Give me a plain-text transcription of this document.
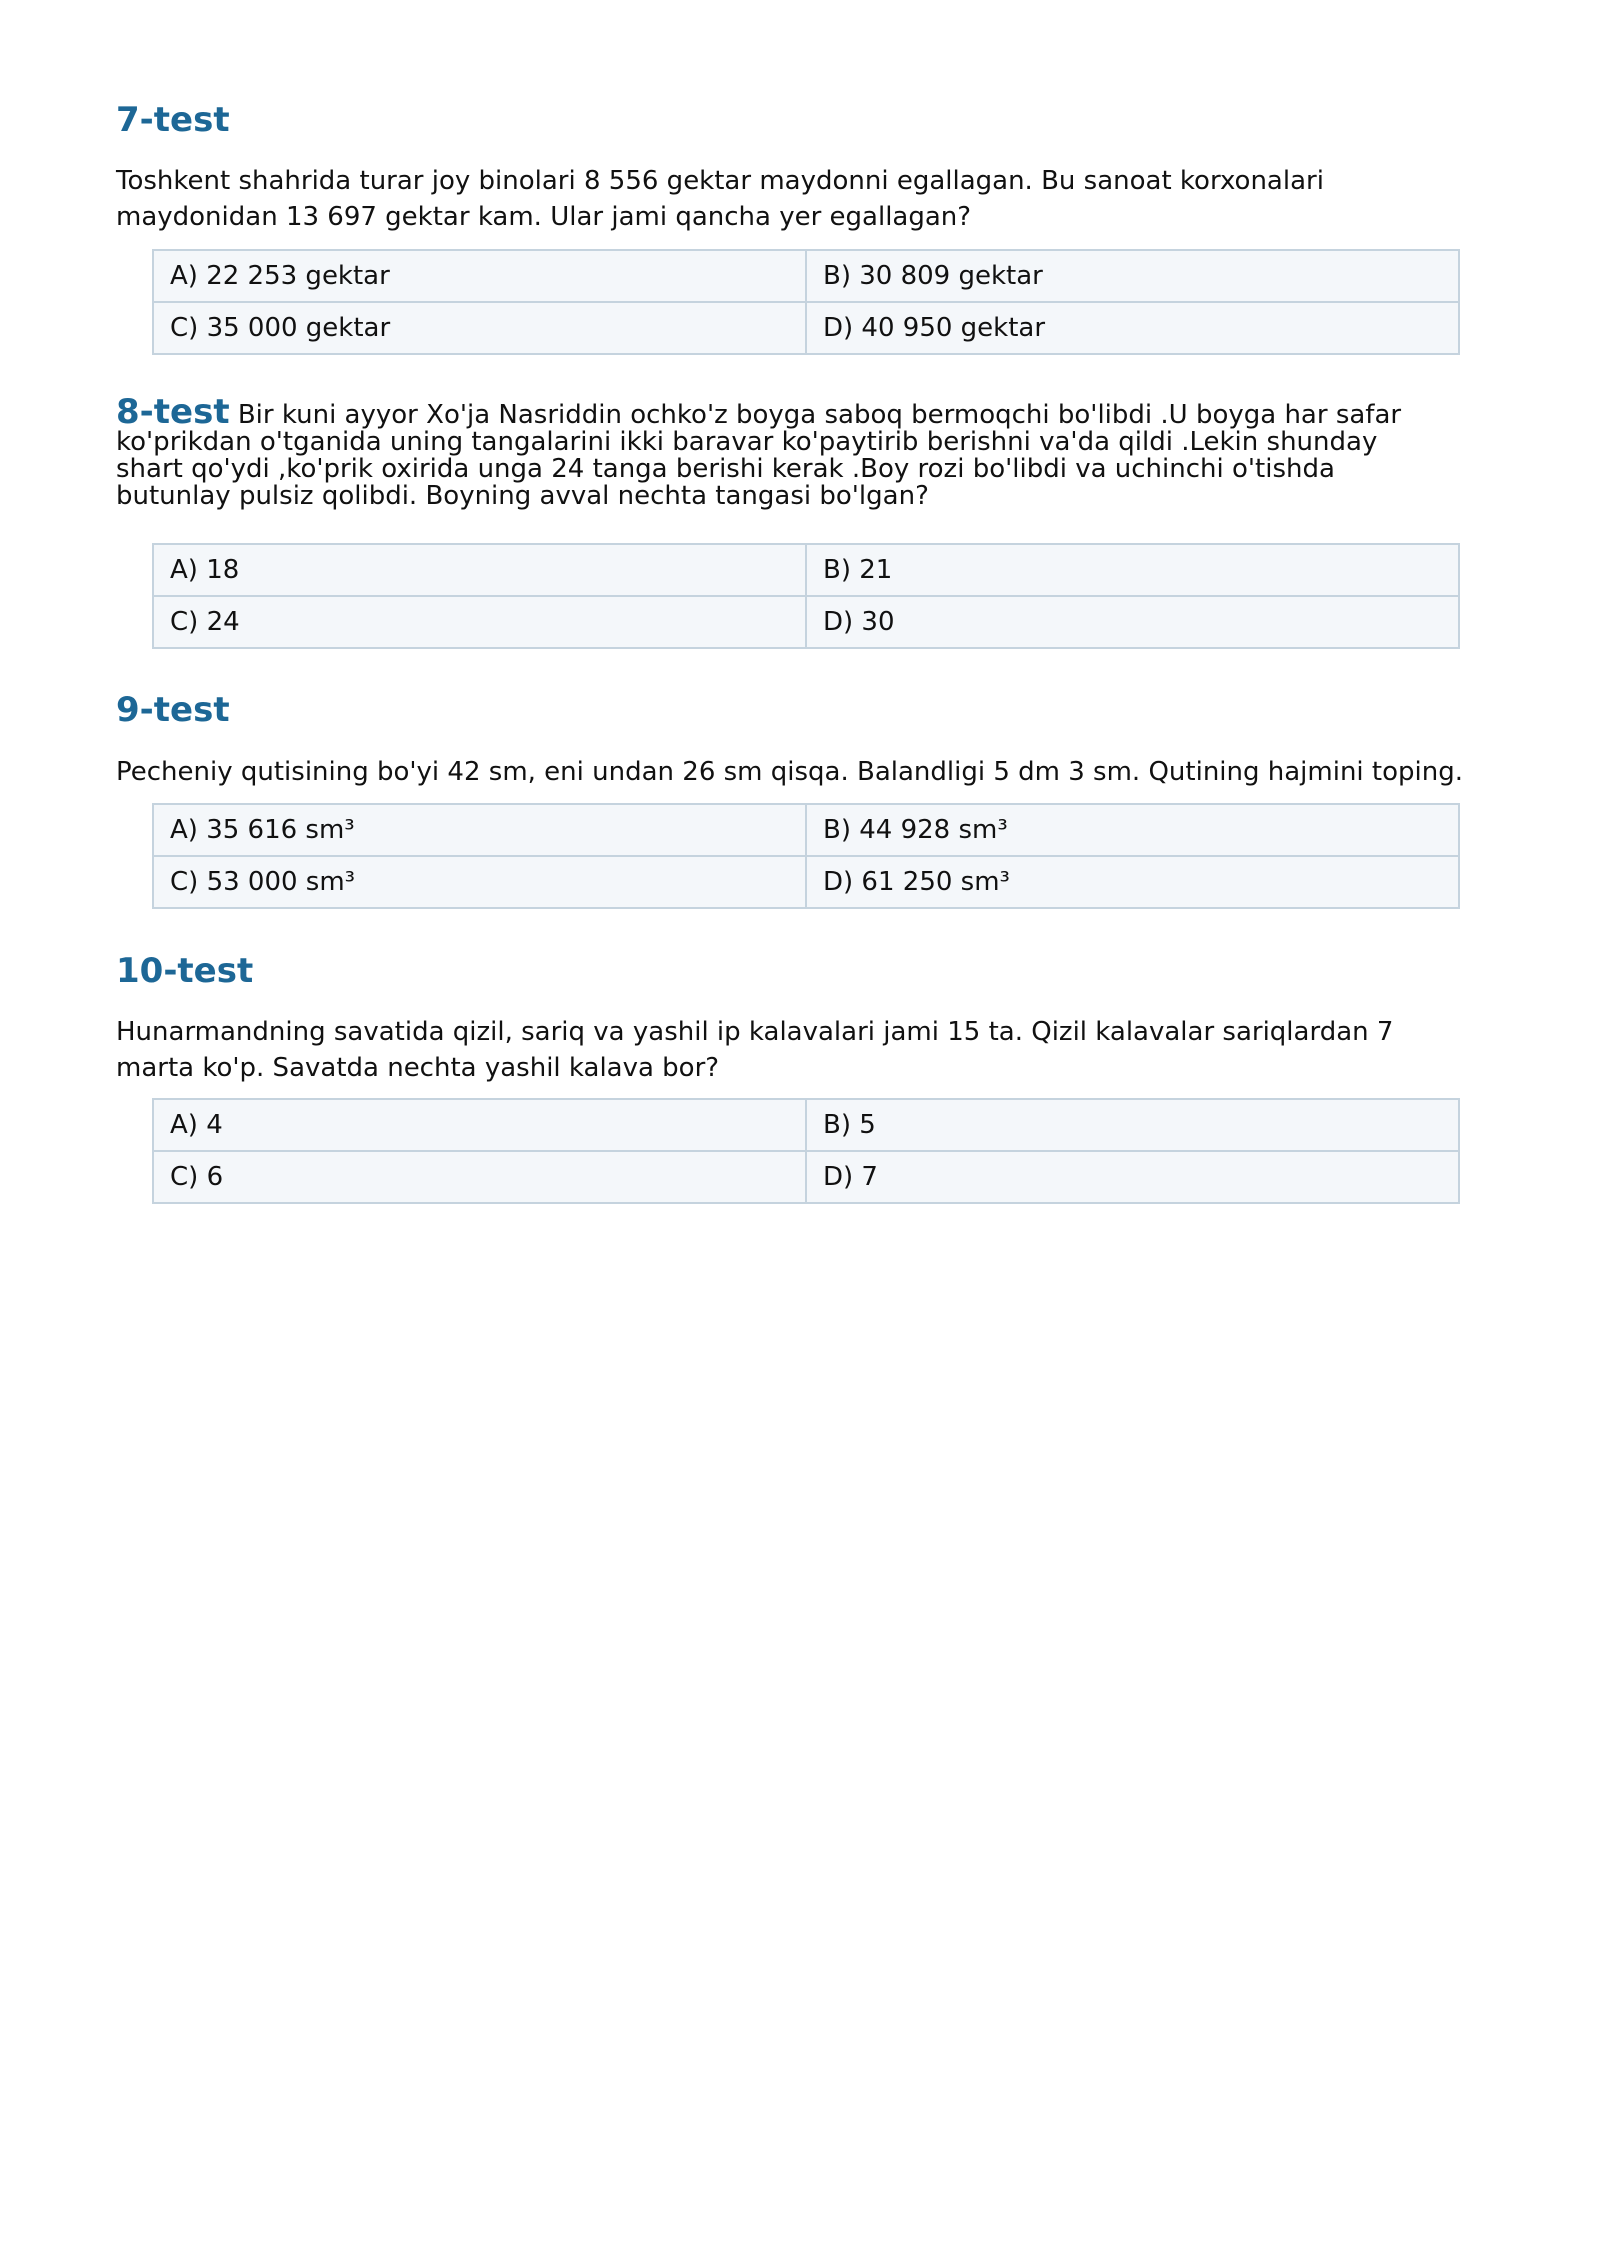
7-test

Toshkent shahrida turar joy binolari 8 556 gektar maydonni egallagan. Bu sanoat korxonalari

maydonidan 13 697 gektar kam. Ular jami qancha yer egallagan?

A) 22 253 gektar	B) 30 809 gektar
C) 35 000 gektar	D) 40 950 gektar

8-test Bir kuni ayyor Xo'ja Nasriddin ochko'z boyga saboq bermoqchi bo'libdi .U boyga har safar

ko'prikdan o'tganida uning tangalarini ikki baravar ko'paytirib berishni va'da qildi .Lekin shunday

shart qo'ydi ,ko'prik oxirida unga 24 tanga berishi kerak .Boy rozi bo'libdi va uchinchi o'tishda

butunlay pulsiz qolibdi. Boyning avval nechta tangasi bo'lgan?

A) 18	B) 21
C) 24	D) 30
9-test

Pecheniy qutisining bo'yi 42 sm, eni undan 26 sm qisqa. Balandligi 5 dm 3 sm. Qutining hajmini toping.

A) 35 616 sm³	B) 44 928 sm³
C) 53 000 sm³	D) 61 250 sm³
10-test

Hunarmandning savatida qizil, sariq va yashil ip kalavalari jami 15 ta. Qizil kalavalar sariqlardan 7

marta ko'p. Savatda nechta yashil kalava bor?

A) 4	B) 5
C) 6	D) 7
